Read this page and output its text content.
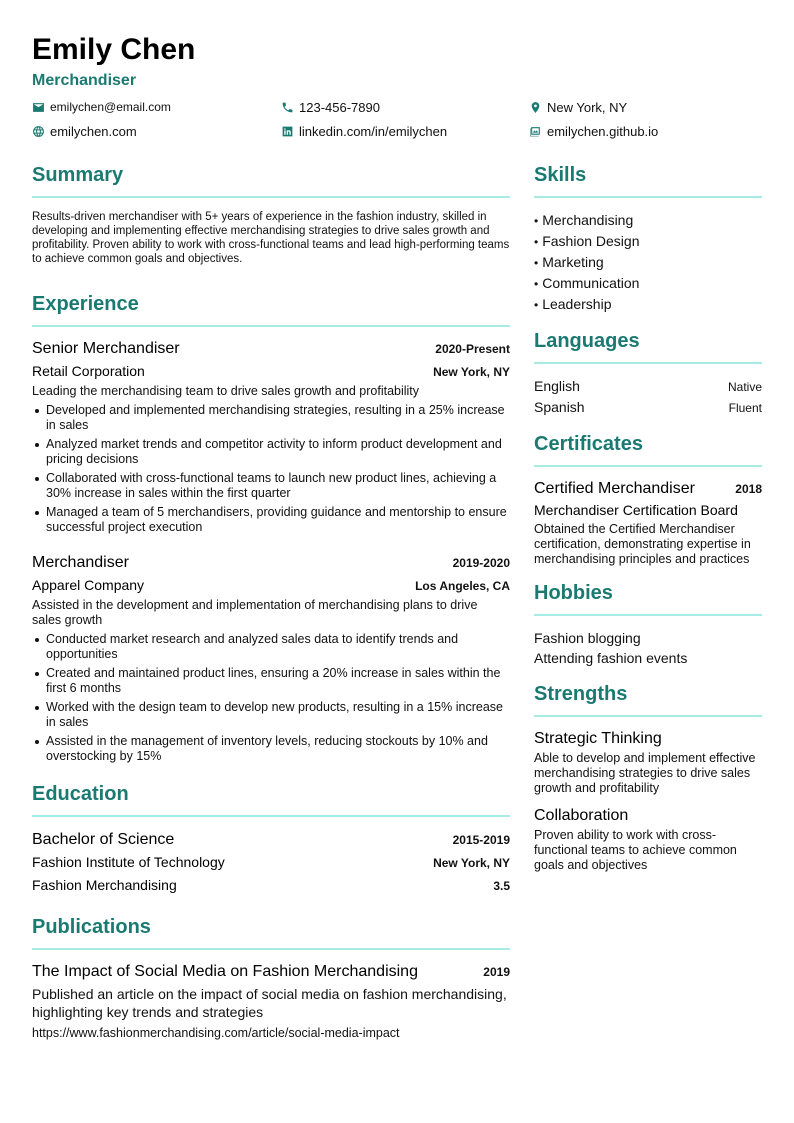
Emily Chen
Merchandiser
emilychen@email.com	123-456-7890	New York, NY
emilychen.com	linkedin.com/in/emilychen	emilychen.github.io
Summary

Results-driven merchandiser with 5+ years of experience in the fashion industry, skilled in developing and implementing effective merchandising strategies to drive sales growth and profitability. Proven ability to work with cross-functional teams and lead high-performing teams to achieve common goals and objectives.

Experience
Senior Merchandiser	2020-Present
Retail Corporation	New York, NY
Leading the merchandising team to drive sales growth and profitability
Developed and implemented merchandising strategies, resulting in a 25% increase in sales
Analyzed market trends and competitor activity to inform product development and pricing decisions
Collaborated with cross-functional teams to launch new product lines, achieving a 30% increase in sales within the first quarter
Managed a team of 5 merchandisers, providing guidance and mentorship to ensure successful project execution
Merchandiser	2019-2020
Apparel Company	Los Angeles, CA
Assisted in the development and implementation of merchandising plans to drive sales growth
Conducted market research and analyzed sales data to identify trends and opportunities
Created and maintained product lines, ensuring a 20% increase in sales within the first 6 months
Worked with the design team to develop new products, resulting in a 15% increase in sales
Assisted in the management of inventory levels, reducing stockouts by 10% and overstocking by 15%
Education
Bachelor of Science	2015-2019
Fashion Institute of Technology	New York, NY
Fashion Merchandising	3.5
Publications
The Impact of Social Media on Fashion Merchandising	2019
Published an article on the impact of social media on fashion merchandising, highlighting key trends and strategies
https://www.fashionmerchandising.com/article/social-media-impact
Skills
• Merchandising
• Fashion Design
• Marketing
• Communication
• Leadership
Languages
English	Native
Spanish	Fluent
Certificates
Certified Merchandiser	2018
Merchandiser Certification Board
Obtained the Certified Merchandiser certification, demonstrating expertise in merchandising principles and practices
Hobbies
Fashion blogging
Attending fashion events
Strengths
Strategic Thinking
Able to develop and implement effective merchandising strategies to drive sales growth and profitability
Collaboration
Proven ability to work with cross-functional teams to achieve common goals and objectives
